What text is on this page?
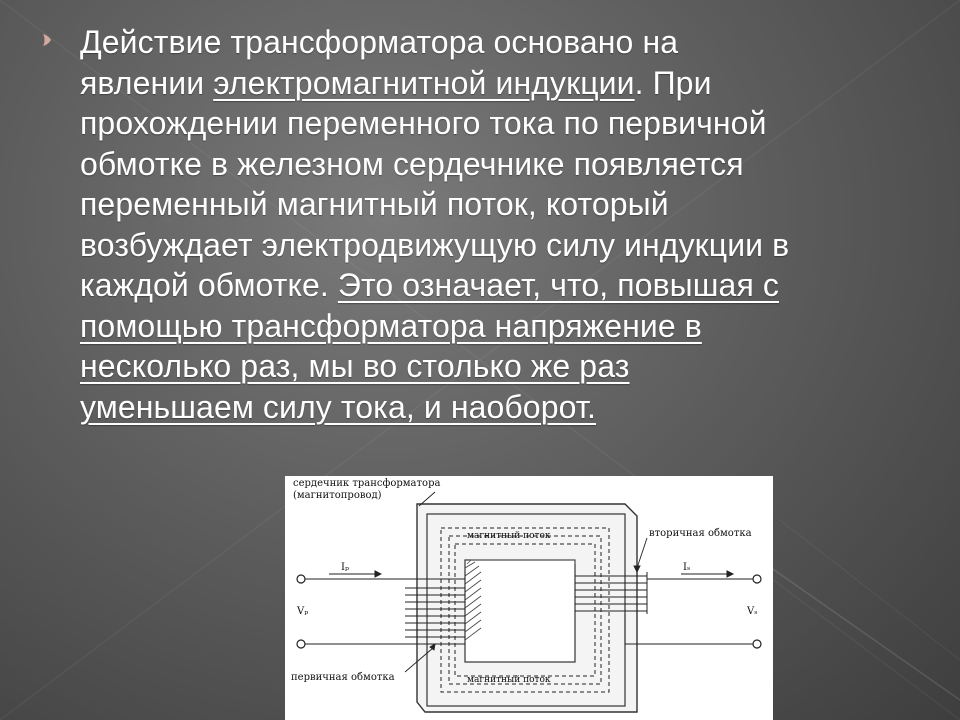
Действие трансформатора основано на
явлении электромагнитной индукции. При
прохождении переменного тока по первичной
обмотке в железном сердечнике появляется
переменный магнитный поток, который
возбуждает электродвижущую силу индукции в
каждой обмотке. Это означает, что, повышая с
помощью трансформатора напряжение в
несколько раз, мы во столько же раз
уменьшаем силу тока, и наоборот.
сердечник трансформатора
(магнитопровод)
магнитный поток
магнитный поток
вторичная обмотка
первичная обмотка
Iₚ	Iₛ
Vₚ	Vₛ
